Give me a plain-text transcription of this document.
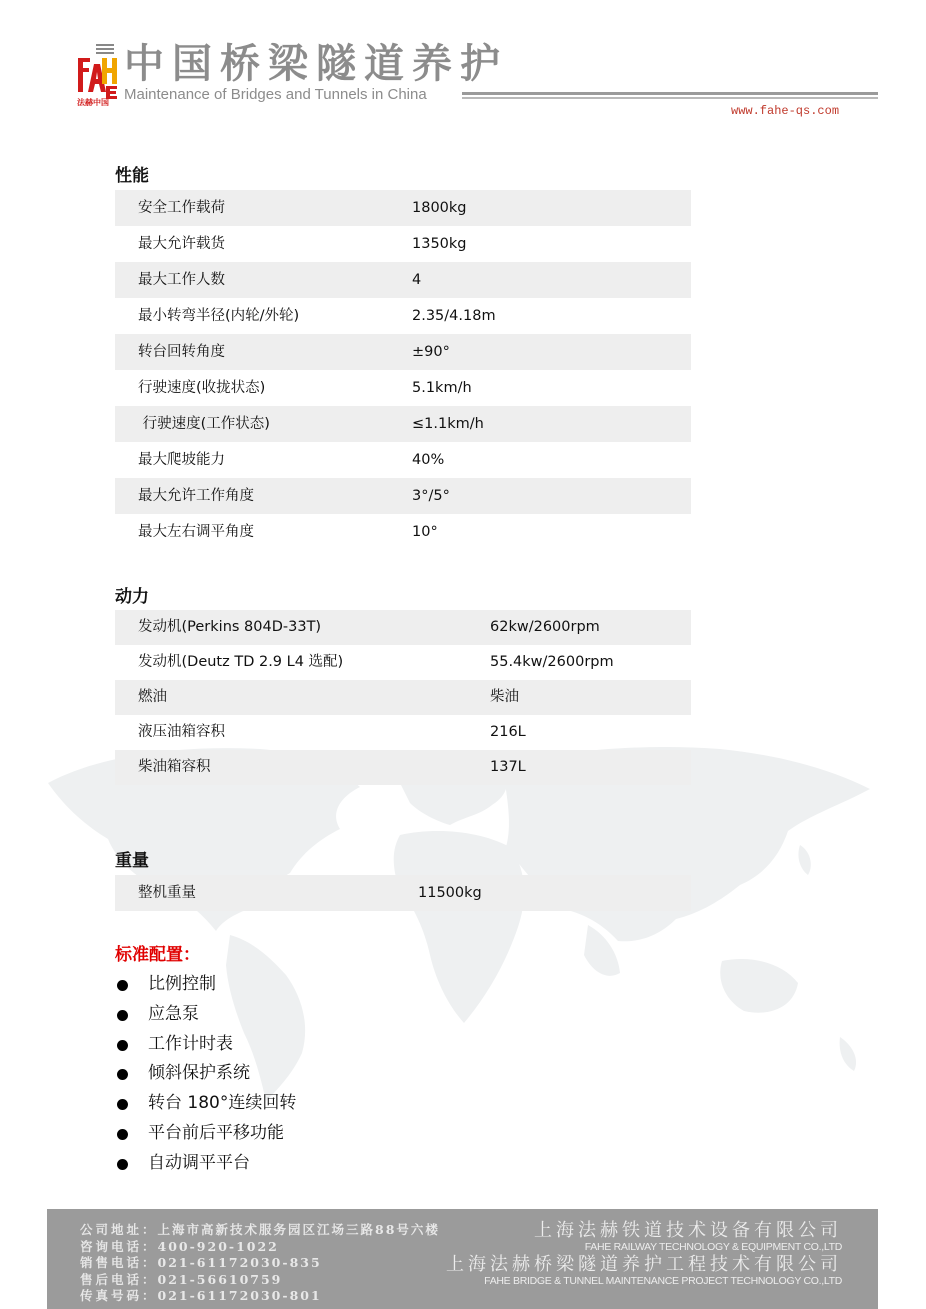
法赫中国
中国桥梁隧道养护
Maintenance of Bridges and Tunnels in China
www.fahe-qs.com
性能
安全工作载荷	1800kg
最大允许载货	1350kg
最大工作人数	4
最小转弯半径(内轮/外轮)	2.35/4.18m
转台回转角度	±90°
行驶速度(收拢状态)	5.1km/h
行驶速度(工作状态)	≤1.1km/h
最大爬坡能力	40%
最大允许工作角度	3°/5°
最大左右调平角度	10°
动力
发动机(Perkins 804D-33T)	62kw/2600rpm
发动机(Deutz TD 2.9 L4 选配)	55.4kw/2600rpm
燃油	柴油
液压油箱容积	216L
柴油箱容积	137L
重量
整机重量	11500kg
标准配置：
比例控制
应急泵
工作计时表
倾斜保护系统
转台 180°连续回转
平台前后平移功能
自动调平平台
公司地址：上海市高新技术服务园区江场三路88号六楼
咨询电话：400-920-1022
销售电话：021-61172030-835
售后电话：021-56610759
传真号码：021-61172030-801
上海法赫铁道技术设备有限公司
FAHE RAILWAY TECHNOLOGY & EQUIPMENT CO.,LTD
上海法赫桥梁隧道养护工程技术有限公司
FAHE BRIDGE & TUNNEL MAINTENANCE PROJECT TECHNOLOGY CO.,LTD
